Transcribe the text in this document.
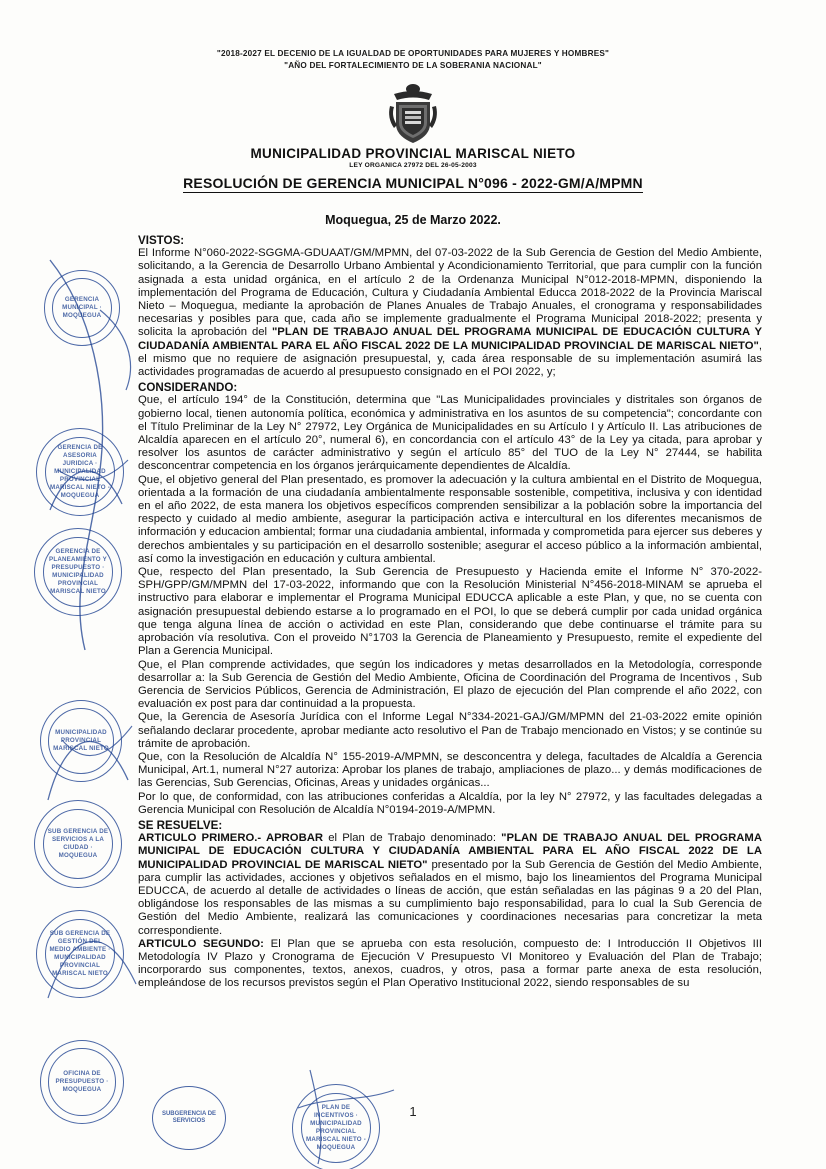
"2018-2027 EL DECENIO DE LA IGUALDAD DE OPORTUNIDADES PARA MUJERES Y HOMBRES"
"AÑO DEL FORTALECIMIENTO DE LA SOBERANIA NACIONAL"
MUNICIPALIDAD PROVINCIAL MARISCAL NIETO
LEY ORGANICA 27972 DEL 26-05-2003
RESOLUCIÓN DE GERENCIA MUNICIPAL N°096 - 2022-GM/A/MPMN
Moquegua, 25 de Marzo 2022.
VISTOS:

El Informe N°060-2022-SGGMA-GDUAAT/GM/MPMN, del 07-03-2022 de la Sub Gerencia de Gestion del Medio Ambiente, solicitando, a la Gerencia de Desarrollo Urbano Ambiental y Acondicionamiento Territorial, que para cumplir con la función asignada a esta unidad orgánica, en el artículo 2 de la Ordenanza Municipal N°012-2018-MPMN, disponiendo la implementación del Programa de Educación, Cultura y Ciudadanía Ambiental Educca 2018-2022 de la Provincia Mariscal Nieto – Moquegua, mediante la aprobación de Planes Anuales de Trabajo Anuales, el cronograma y responsabilidades necesarias y posibles para que, cada año se implemente gradualmente el Programa Municipal 2018-2022; presenta y solicita la aprobación del "PLAN DE TRABAJO ANUAL DEL PROGRAMA MUNICIPAL DE EDUCACIÓN CULTURA Y CIUDADANÍA AMBIENTAL PARA EL AÑO FISCAL 2022 DE LA MUNICIPALIDAD PROVINCIAL DE MARISCAL NIETO", el mismo que no requiere de asignación presupuestal, y, cada área responsable de su implementación asumirá las actividades programadas de acuerdo al presupuesto consignado en el POI 2022, y;

CONSIDERANDO:

Que, el artículo 194° de la Constitución, determina que "Las Municipalidades provinciales y distritales son órganos de gobierno local, tienen autonomía política, económica y administrativa en los asuntos de su competencia"; concordante con el Título Preliminar de la Ley N° 27972, Ley Orgánica de Municipalidades en su Artículo I y Artículo II. Las atribuciones de Alcaldía aparecen en el artículo 20°, numeral 6), en concordancia con el artículo 43° de la Ley ya citada, para aprobar y resolver los asuntos de carácter administrativo y según el artículo 85° del TUO de la Ley N° 27444, se habilita desconcentrar competencia en los órganos jerárquicamente dependientes de Alcaldía.

Que, el objetivo general del Plan presentado, es promover la adecuación y la cultura ambiental en el Distrito de Moquegua, orientada a la formación de una ciudadanía ambientalmente responsable sostenible, competitiva, inclusiva y con identidad en el año 2022, de esta manera los objetivos específicos comprenden sensibilizar a la población sobre la importancia del respecto y cuidado al medio ambiente, asegurar la participación activa e intercultural en los diferentes mecanismos de información y educacion ambiental; formar una ciudadania ambiental, informada y comprometida para ejercer sus deberes y derechos ambientales y su participación en el desarrollo sostenible; asegurar el acceso público a la información ambiental, así como la investigación en educación y cultura ambiental.

Que, respecto del Plan presentado, la Sub Gerencia de Presupuesto y Hacienda emite el Informe N° 370-2022-SPH/GPP/GM/MPMN del 17-03-2022, informando que con la Resolución Ministerial N°456-2018-MINAM se aprueba el instructivo para elaborar e implementar el Programa Municipal EDUCCA aplicable a este Plan, y que, no se cuenta con asignación presupuestal debiendo estarse a lo programado en el POI, lo que se deberá cumplir por cada unidad orgánica que tenga alguna línea de acción o actividad en este Plan, considerando que debe continuarse el trámite para su aprobación vía resolutiva. Con el proveido N°1703 la Gerencia de Planeamiento y Presupuesto, remite el expediente del Plan a Gerencia Municipal.

Que, el Plan comprende actividades, que según los indicadores y metas desarrollados en la Metodología, corresponde desarrollar a: la Sub Gerencia de Gestión del Medio Ambiente, Oficina de Coordinación del Programa de Incentivos , Sub Gerencia de Servicios Públicos, Gerencia de Administración, El plazo de ejecución del Plan comprende el año 2022, con evaluación ex post para dar continuidad a la propuesta.

Que, la Gerencia de Asesoría Jurídica con el Informe Legal N°334-2021-GAJ/GM/MPMN del 21-03-2022 emite opinión señalando declarar procedente, aprobar mediante acto resolutivo el Pan de Trabajo mencionado en Vistos; y se continúe su trámite de aprobación.

Que, con la Resolución de Alcaldía N° 155-2019-A/MPMN, se desconcentra y delega, facultades de Alcaldía a Gerencia Municipal, Art.1, numeral N°27 autoriza: Aprobar los planes de trabajo, ampliaciones de plazo... y demás modificaciones de las Gerencias, Sub Gerencias, Oficinas, Areas y unidades orgánicas...

Por lo que, de conformidad, con las atribuciones conferidas a Alcaldía, por la ley N° 27972, y las facultades delegadas a Gerencia Municipal con Resolución de Alcaldía N°0194-2019-A/MPMN.

SE RESUELVE:

ARTICULO PRIMERO.- APROBAR el Plan de Trabajo denominado: "PLAN DE TRABAJO ANUAL DEL PROGRAMA MUNICIPAL DE EDUCACIÓN CULTURA Y CIUDADANÍA AMBIENTAL PARA EL AÑO FISCAL 2022 DE LA MUNICIPALIDAD PROVINCIAL DE MARISCAL NIETO" presentado por la Sub Gerencia de Gestión del Medio Ambiente, para cumplir las actividades, acciones y objetivos señalados en el mismo, bajo los lineamientos del Programa Municipal EDUCCA, de acuerdo al detalle de actividades o líneas de acción, que están señaladas en las páginas 9 a 20 del Plan, obligándose los responsables de las mismas a su cumplimiento bajo responsabilidad, para lo cual la Sub Gerencia de Gestión del Medio Ambiente, realizará las comunicaciones y coordinaciones necesarias para concretizar la meta correspondiente.

ARTICULO SEGUNDO: El Plan que se aprueba con esta resolución, compuesto de: I Introducción II Objetivos III Metodología IV Plazo y Cronograma de Ejecución V Presupuesto VI Monitoreo y Evaluación del Plan de Trabajo; incorporardo sus componentes, textos, anexos, cuadros, y otros, pasa a formar parte anexa de esta resolución, empleándose de los recursos previstos según el Plan Operativo Institucional 2022, siendo responsables de su

1
GERENCIA MUNICIPAL · MOQUEGUA
GERENCIA DE ASESORIA JURIDICA · MUNICIPALIDAD PROVINCIAL MARISCAL NIETO - MOQUEGUA
GERENCIA DE PLANEAMIENTO Y PRESUPUESTO · MUNICIPALIDAD PROVINCIAL MARISCAL NIETO
MUNICIPALIDAD PROVINCIAL MARISCAL NIETO
SUB GERENCIA DE SERVICIOS A LA CIUDAD · MOQUEGUA
SUB GERENCIA DE GESTIÓN DEL MEDIO AMBIENTE · MUNICIPALIDAD PROVINCIAL MARISCAL NIETO
OFICINA DE PRESUPUESTO · MOQUEGUA
SUBGERENCIA DE SERVICIOS
PLAN DE INCENTIVOS · MUNICIPALIDAD PROVINCIAL MARISCAL NIETO - MOQUEGUA
